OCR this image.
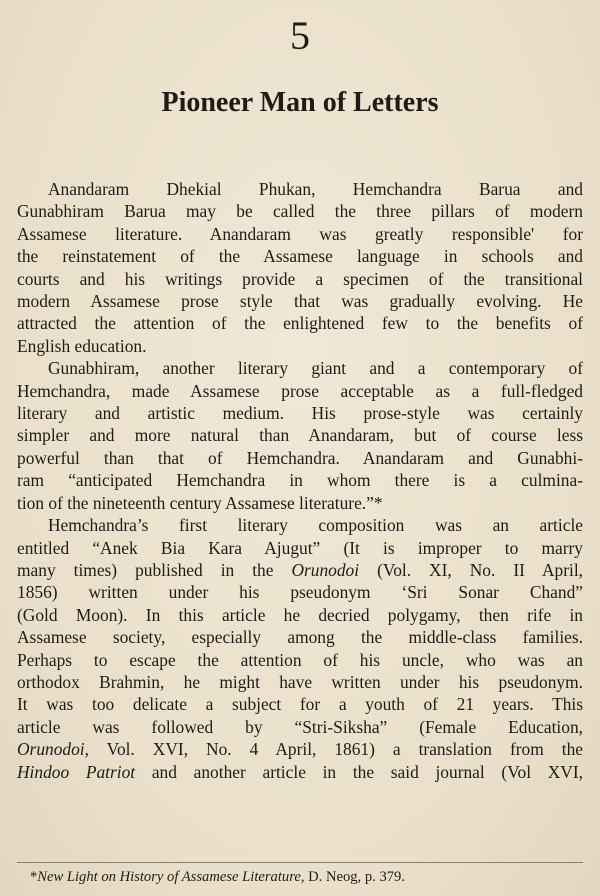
5
Pioneer Man of Letters
Anandaram Dhekial Phukan, Hemchandra Barua and
Gunabhiram Barua may be called the three pillars of modern
Assamese literature. Anandaram was greatly responsible' for
the reinstatement of the Assamese language in schools and
courts and his writings provide a specimen of the transitional
modern Assamese prose style that was gradually evolving. He
attracted the attention of the enlightened few to the benefits of
English education.
Gunabhiram, another literary giant and a contemporary of
Hemchandra, made Assamese prose acceptable as a full-fledged
literary and artistic medium. His prose-style was certainly
simpler and more natural than Anandaram, but of course less
powerful than that of Hemchandra. Anandaram and Gunabhi-
ram “anticipated Hemchandra in whom there is a culmina-
tion of the nineteenth century Assamese literature.”*
Hemchandra’s first literary composition was an article
entitled “Anek Bia Kara Ajugut” (It is improper to marry
many times) published in the Orunodoi (Vol. XI, No. II April,
1856) written under his pseudonym ‘Sri Sonar Chand”
(Gold Moon). In this article he decried polygamy, then rife in
Assamese society, especially among the middle-class families.
Perhaps to escape the attention of his uncle, who was an
orthodox Brahmin, he might have written under his pseudonym.
It was too delicate a subject for a youth of 21 years. This
article was followed by “Stri-Siksha” (Female Education,
Orunodoi, Vol. XVI, No. 4 April, 1861) a translation from the
Hindoo Patriot and another article in the said journal (Vol XVI,
*New Light on History of Assamese Literature, D. Neog, p. 379.
